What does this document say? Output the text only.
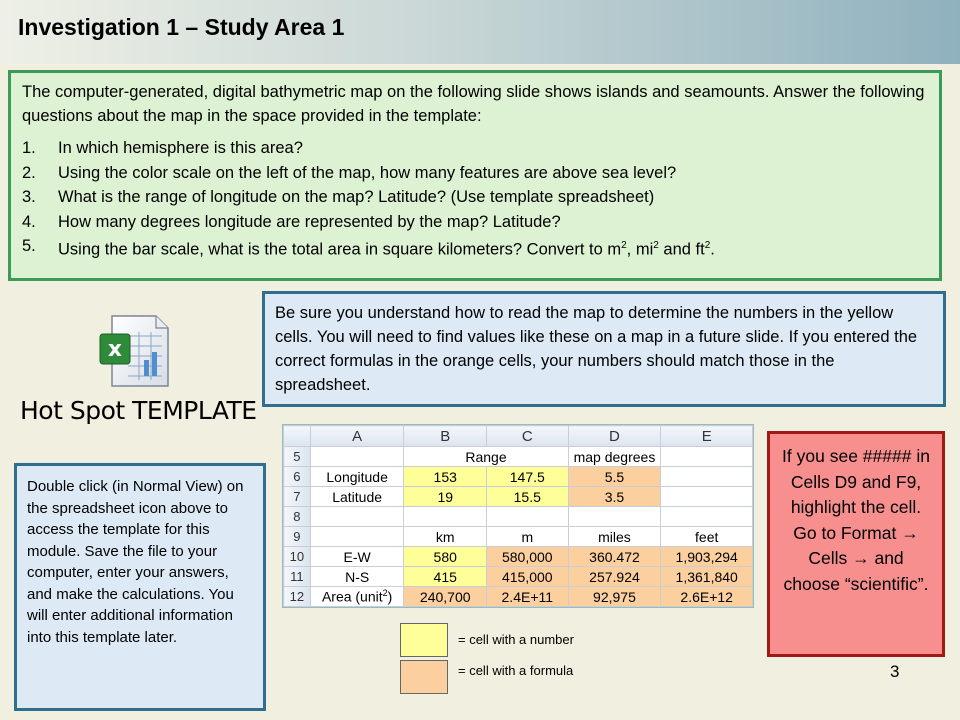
Investigation 1 – Study Area 1

The computer-generated, digital bathymetric map on the following slide shows islands and seamounts. Answer the following questions about the map in the space provided in the template:

1.	In which hemisphere is this area?
2.	Using the color scale on the left of the map, how many features are above sea level?
3.	What is the range of longitude on the map? Latitude? (Use template spreadsheet)
4.	How many degrees longitude are represented by the map? Latitude?
5.	Using the bar scale, what is the total area in square kilometers? Convert to $m^2$, $mi^2$ and $ft^2$.
Be sure you understand how to read the map to determine the numbers in the yellow cells. You will need to find values like these on a map in a future slide. If you entered the correct formulas in the orange cells, your numbers should match those in the spreadsheet.
x
Hot Spot TEMPLATE
Double click (in Normal View) on the spreadsheet icon above to access the template for this module. Save the file to your computer, enter your answers, and make the calculations. You will enter additional information into this template later.
	A	B	C	D	E
5		Range		map degrees	
6	Longitude	153	147.5	5.5	
7	Latitude	19	15.5	3.5	
8					
9		km	m	miles	feet
10	E-W	580	580,000	360.472	1,903,294
11	N-S	415	415,000	257.924	1,361,840
12	Area (unit$^2$)	240,700	2.4E+11	92,975	2.6E+12
= cell with a number
= cell with a formula
If you see ##### in Cells D9 and F9, highlight the cell. Go to Format → Cells → and choose “scientific”.
3
